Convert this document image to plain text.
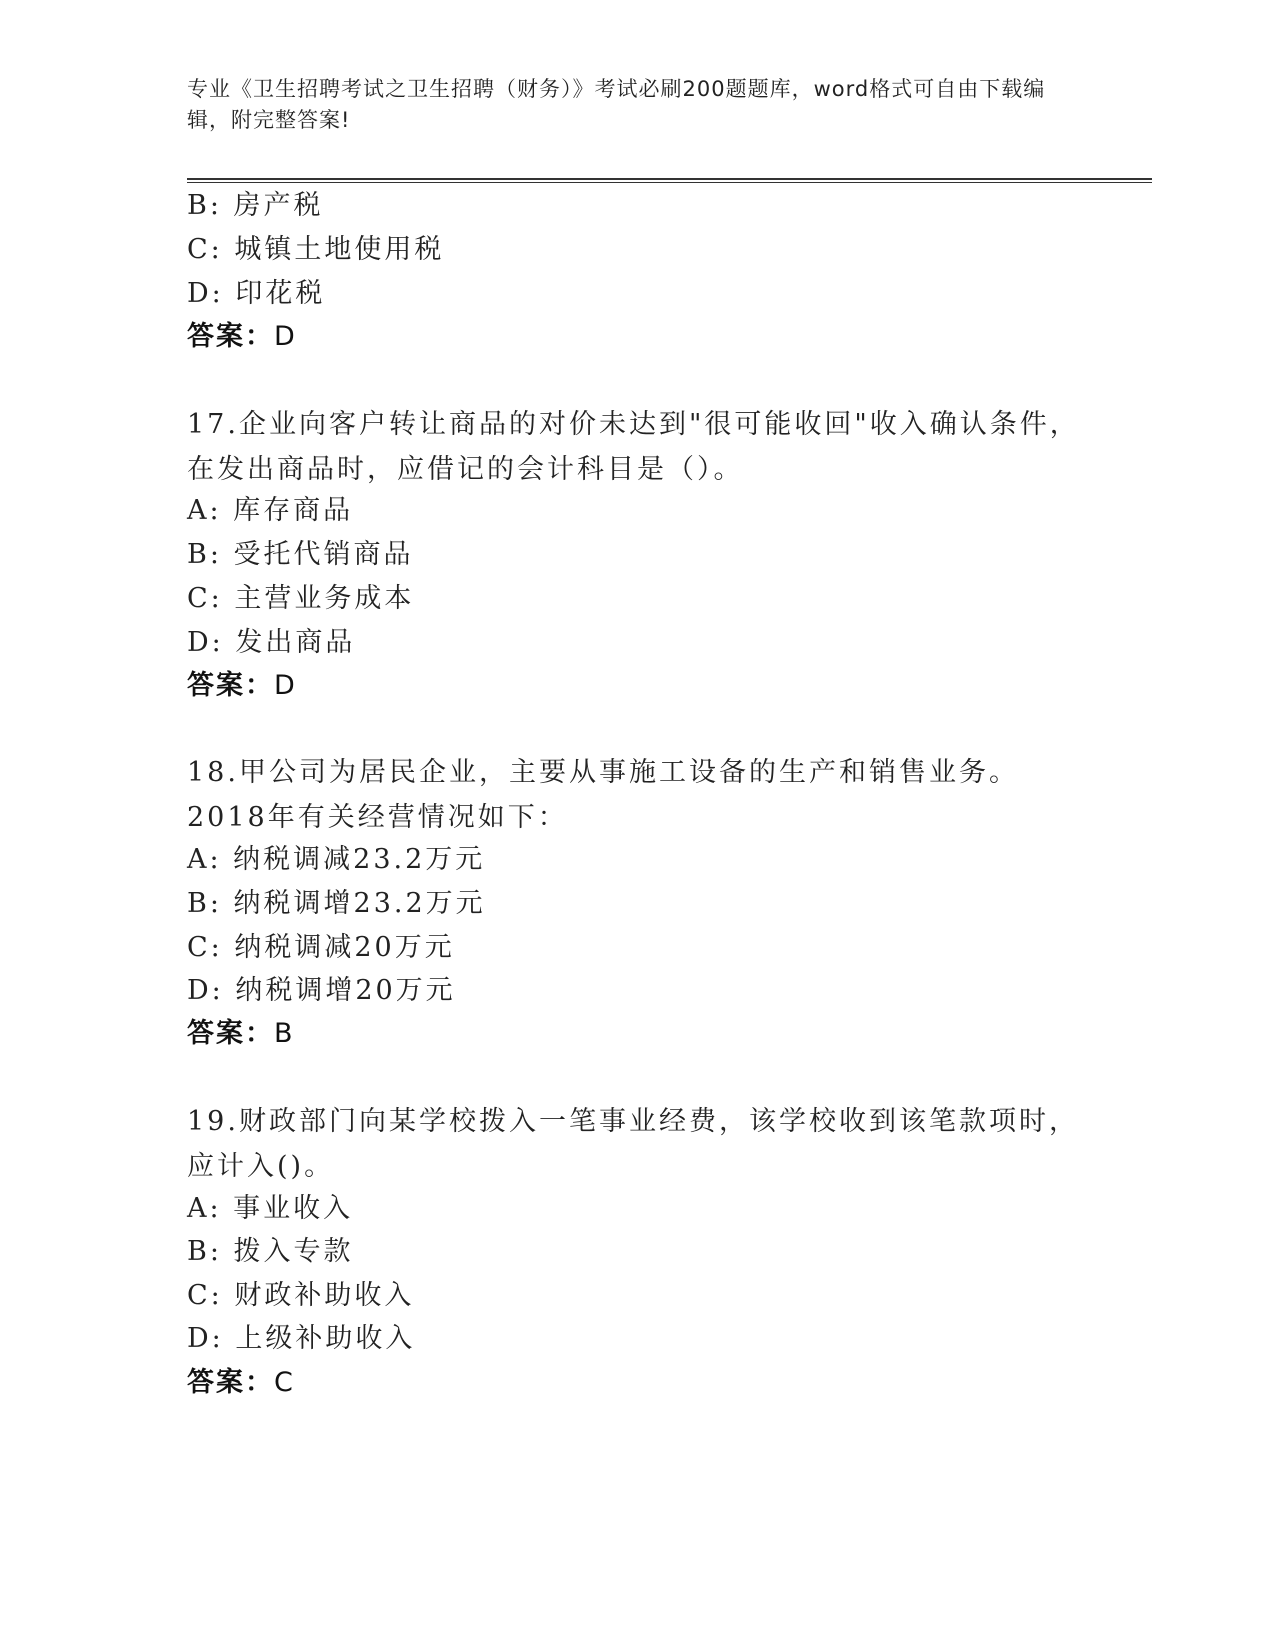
专业《卫生招聘考试之卫生招聘（财务）》考试必刷200题题库，word格式可自由下载编辑，附完整答案!
B: 房产税
C: 城镇土地使用税
D: 印花税
答案：D
17.企业向客户转让商品的对价未达到"很可能收回"收入确认条件，在发出商品时，应借记的会计科目是（）。
A: 库存商品
B: 受托代销商品
C: 主营业务成本
D: 发出商品
答案：D
18.甲公司为居民企业，主要从事施工设备的生产和销售业务。2018年有关经营情况如下：
A: 纳税调减23.2万元
B: 纳税调增23.2万元
C: 纳税调减20万元
D: 纳税调增20万元
答案：B
19.财政部门向某学校拨入一笔事业经费，该学校收到该笔款项时，应计入()。
A: 事业收入
B: 拨入专款
C: 财政补助收入
D: 上级补助收入
答案：C
